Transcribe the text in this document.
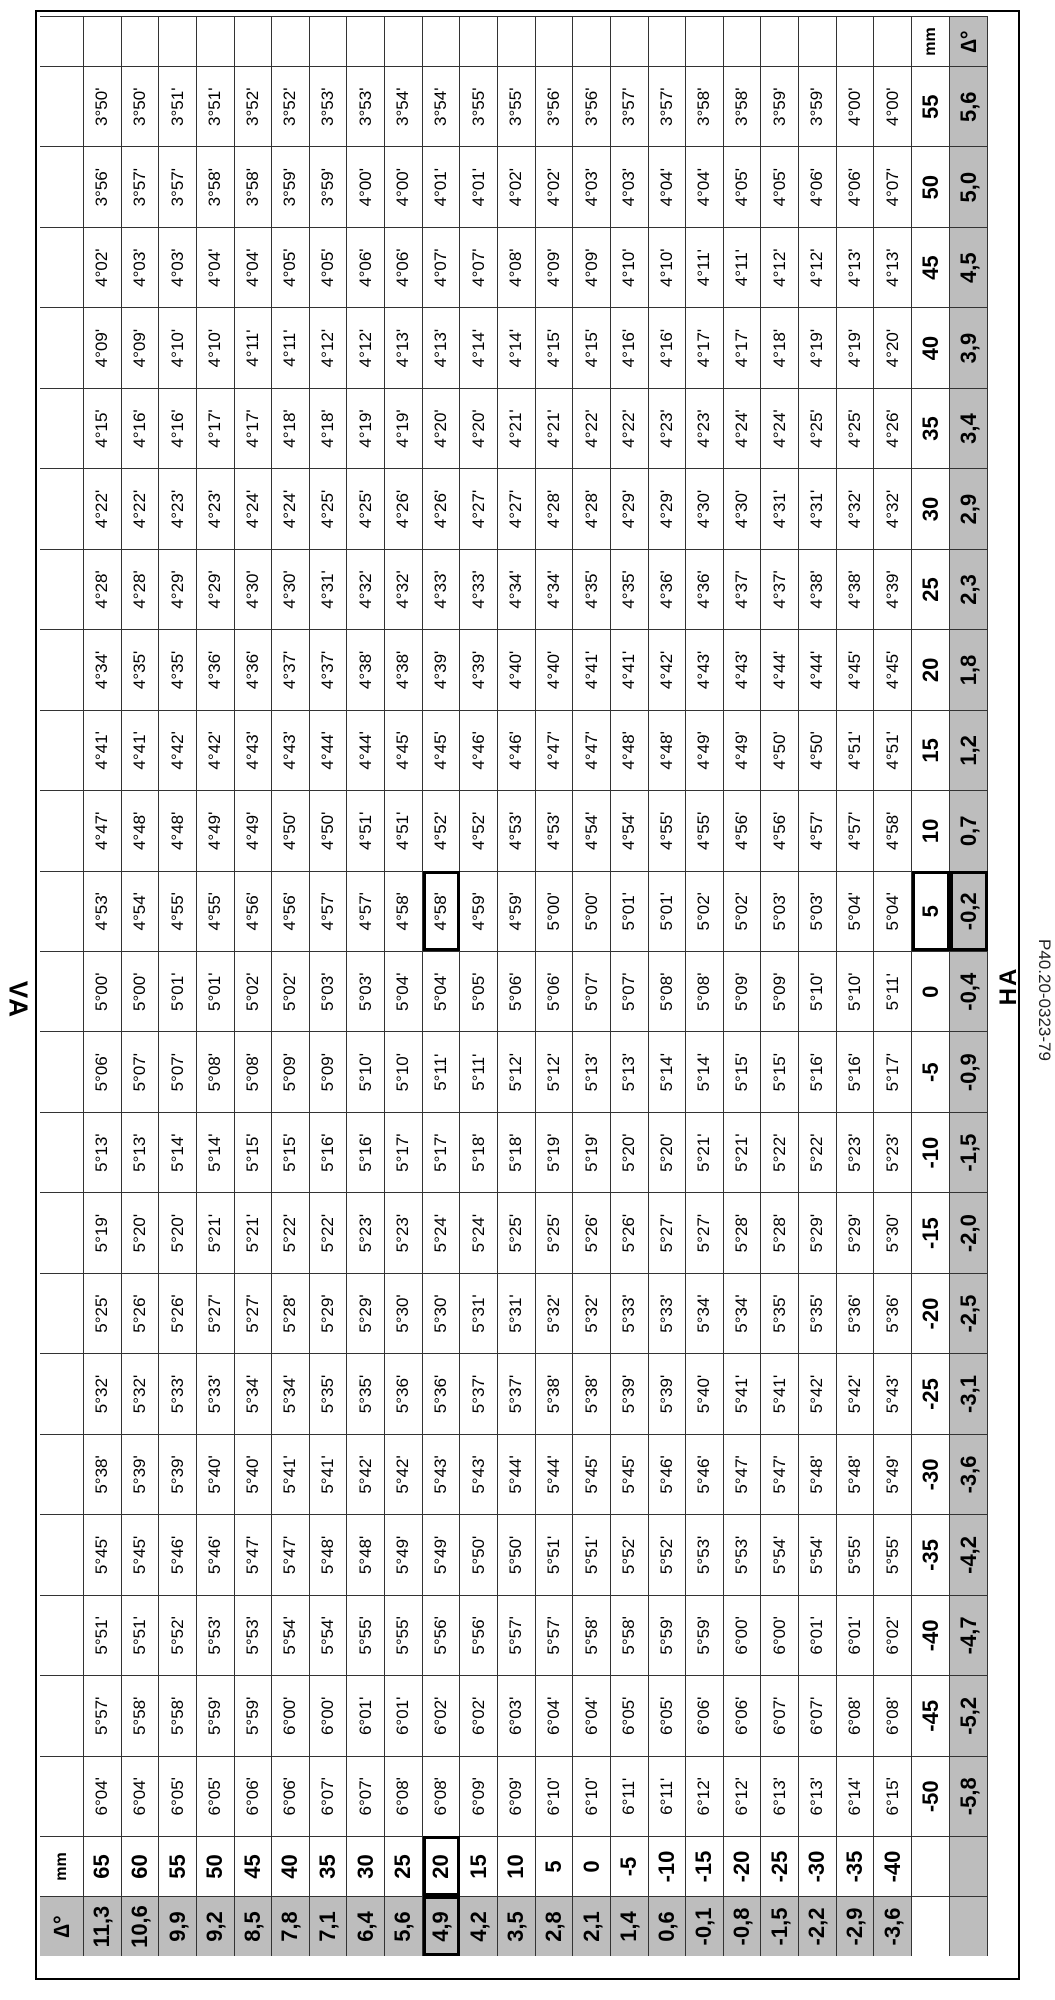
VA	P40.20-0323-79
∆°
mm
11,3
65
6°04'
5°57'
5°51'
5°45'
5°38'
5°32'
5°25'
5°19'
5°13'
5°06'
5°00'
4°53'
4°47'
4°41'
4°34'
4°28'
4°22'
4°15'
4°09'
4°02'
3°56'
3°50'
10,6
60
6°04'
5°58'
5°51'
5°45'
5°39'
5°32'
5°26'
5°20'
5°13'
5°07'
5°00'
4°54'
4°48'
4°41'
4°35'
4°28'
4°22'
4°16'
4°09'
4°03'
3°57'
3°50'
9,9
55
6°05'
5°58'
5°52'
5°46'
5°39'
5°33'
5°26'
5°20'
5°14'
5°07'
5°01'
4°55'
4°48'
4°42'
4°35'
4°29'
4°23'
4°16'
4°10'
4°03'
3°57'
3°51'
9,2
50
6°05'
5°59'
5°53'
5°46'
5°40'
5°33'
5°27'
5°21'
5°14'
5°08'
5°01'
4°55'
4°49'
4°42'
4°36'
4°29'
4°23'
4°17'
4°10'
4°04'
3°58'
3°51'
8,5
45
6°06'
5°59'
5°53'
5°47'
5°40'
5°34'
5°27'
5°21'
5°15'
5°08'
5°02'
4°56'
4°49'
4°43'
4°36'
4°30'
4°24'
4°17'
4°11'
4°04'
3°58'
3°52'
7,8
40
6°06'
6°00'
5°54'
5°47'
5°41'
5°34'
5°28'
5°22'
5°15'
5°09'
5°02'
4°56'
4°50'
4°43'
4°37'
4°30'
4°24'
4°18'
4°11'
4°05'
3°59'
3°52'
7,1
35
6°07'
6°00'
5°54'
5°48'
5°41'
5°35'
5°29'
5°22'
5°16'
5°09'
5°03'
4°57'
4°50'
4°44'
4°37'
4°31'
4°25'
4°18'
4°12'
4°05'
3°59'
3°53'
6,4
30
6°07'
6°01'
5°55'
5°48'
5°42'
5°35'
5°29'
5°23'
5°16'
5°10'
5°03'
4°57'
4°51'
4°44'
4°38'
4°32'
4°25'
4°19'
4°12'
4°06'
4°00'
3°53'
5,6
25
6°08'
6°01'
5°55'
5°49'
5°42'
5°36'
5°30'
5°23'
5°17'
5°10'
5°04'
4°58'
4°51'
4°45'
4°38'
4°32'
4°26'
4°19'
4°13'
4°06'
4°00'
3°54'
4,9
20
6°08'
6°02'
5°56'
5°49'
5°43'
5°36'
5°30'
5°24'
5°17'
5°11'
5°04'
4°58'
4°52'
4°45'
4°39'
4°33'
4°26'
4°20'
4°13'
4°07'
4°01'
3°54'
4,2
15
6°09'
6°02'
5°56'
5°50'
5°43'
5°37'
5°31'
5°24'
5°18'
5°11'
5°05'
4°59'
4°52'
4°46'
4°39'
4°33'
4°27'
4°20'
4°14'
4°07'
4°01'
3°55'
3,5
10
6°09'
6°03'
5°57'
5°50'
5°44'
5°37'
5°31'
5°25'
5°18'
5°12'
5°06'
4°59'
4°53'
4°46'
4°40'
4°34'
4°27'
4°21'
4°14'
4°08'
4°02'
3°55'
2,8
5
6°10'
6°04'
5°57'
5°51'
5°44'
5°38'
5°32'
5°25'
5°19'
5°12'
5°06'
5°00'
4°53'
4°47'
4°40'
4°34'
4°28'
4°21'
4°15'
4°09'
4°02'
3°56'
2,1
0
6°10'
6°04'
5°58'
5°51'
5°45'
5°38'
5°32'
5°26'
5°19'
5°13'
5°07'
5°00'
4°54'
4°47'
4°41'
4°35'
4°28'
4°22'
4°15'
4°09'
4°03'
3°56'
1,4
-5
6°11'
6°05'
5°58'
5°52'
5°45'
5°39'
5°33'
5°26'
5°20'
5°13'
5°07'
5°01'
4°54'
4°48'
4°41'
4°35'
4°29'
4°22'
4°16'
4°10'
4°03'
3°57'
0,6
-10
6°11'
6°05'
5°59'
5°52'
5°46'
5°39'
5°33'
5°27'
5°20'
5°14'
5°08'
5°01'
4°55'
4°48'
4°42'
4°36'
4°29'
4°23'
4°16'
4°10'
4°04'
3°57'
-0,1
-15
6°12'
6°06'
5°59'
5°53'
5°46'
5°40'
5°34'
5°27'
5°21'
5°14'
5°08'
5°02'
4°55'
4°49'
4°43'
4°36'
4°30'
4°23'
4°17'
4°11'
4°04'
3°58'
-0,8
-20
6°12'
6°06'
6°00'
5°53'
5°47'
5°41'
5°34'
5°28'
5°21'
5°15'
5°09'
5°02'
4°56'
4°49'
4°43'
4°37'
4°30'
4°24'
4°17'
4°11'
4°05'
3°58'
-1,5
-25
6°13'
6°07'
6°00'
5°54'
5°47'
5°41'
5°35'
5°28'
5°22'
5°15'
5°09'
5°03'
4°56'
4°50'
4°44'
4°37'
4°31'
4°24'
4°18'
4°12'
4°05'
3°59'
-2,2
-30
6°13'
6°07'
6°01'
5°54'
5°48'
5°42'
5°35'
5°29'
5°22'
5°16'
5°10'
5°03'
4°57'
4°50'
4°44'
4°38'
4°31'
4°25'
4°19'
4°12'
4°06'
3°59'
-2,9
-35
6°14'
6°08'
6°01'
5°55'
5°48'
5°42'
5°36'
5°29'
5°23'
5°16'
5°10'
5°04'
4°57'
4°51'
4°45'
4°38'
4°32'
4°25'
4°19'
4°13'
4°06'
4°00'
-3,6
-40
6°15'
6°08'
6°02'
5°55'
5°49'
5°43'
5°36'
5°30'
5°23'
5°17'
5°11'
5°04'
4°58'
4°51'
4°45'
4°39'
4°32'
4°26'
4°20'
4°13'
4°07'
4°00'
-50
-45
-40
-35
-30
-25
-20
-15
-10
-5
0
5
10
15
20
25
30
35
40
45
50
55
mm
-5,8
-5,2
-4,7
-4,2
-3,6
-3,1
-2,5
-2,0
-1,5
-0,9
-0,4
-0,2
0,7
1,2
1,8
2,3
2,9
3,4
3,9
4,5
5,0
5,6
∆°
HA
